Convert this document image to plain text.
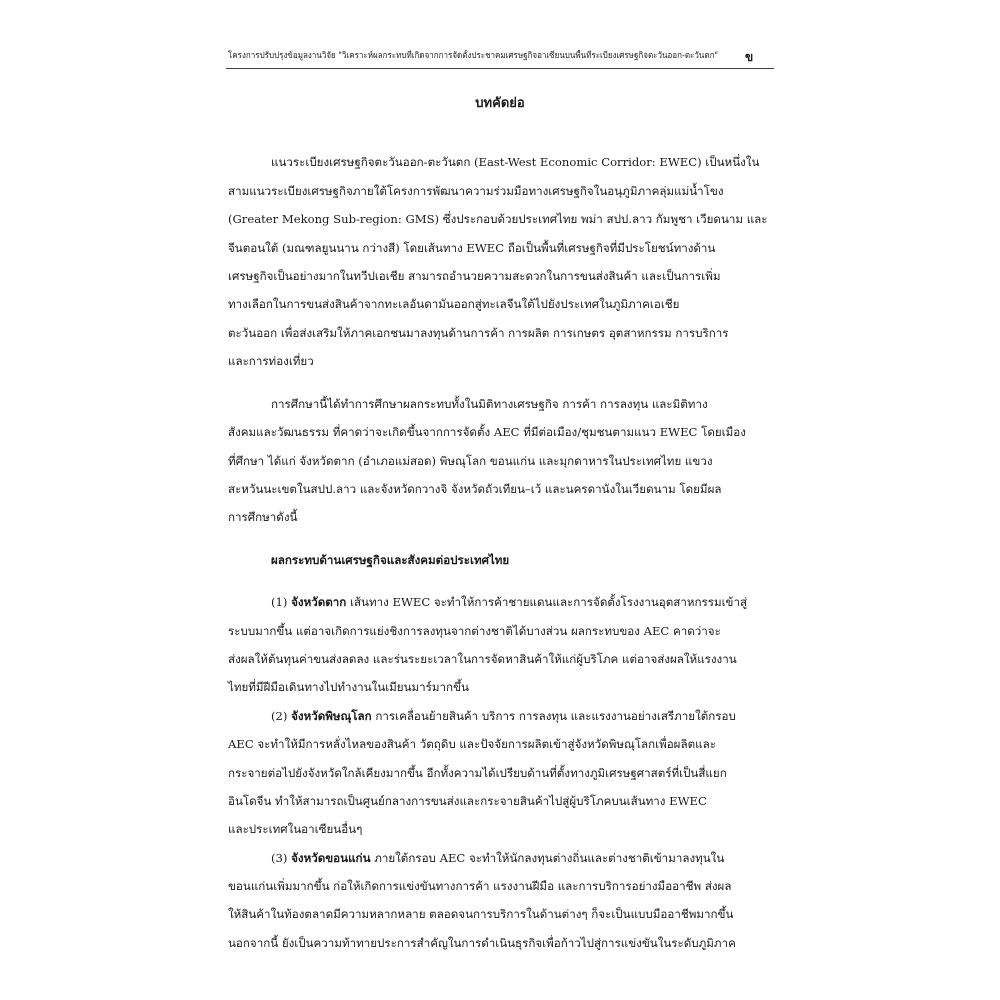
โครงการปรับปรุงข้อมูลงานวิจัย "วิเคราะห์ผลกระทบที่เกิดจากการจัดตั้งประชาคมเศรษฐกิจอาเซียนบนพื้นที่ระเบียงเศรษฐกิจตะวันออก-ตะวันตก"	ข
บทคัดย่อ
แนวระเบียงเศรษฐกิจตะวันออก-ตะวันตก (East-West Economic Corridor: EWEC) เป็นหนึ่งใน
สามแนวระเบียงเศรษฐกิจภายใต้โครงการพัฒนาความร่วมมือทางเศรษฐกิจในอนุภูมิภาคลุ่มแม่น้ำโขง
(Greater Mekong Sub-region: GMS) ซึ่งประกอบด้วยประเทศไทย พม่า สปป.ลาว กัมพูชา เวียดนาม และ
จีนตอนใต้ (มณฑลยูนนาน กว่างสี) โดยเส้นทาง EWEC ถือเป็นพื้นที่เศรษฐกิจที่มีประโยชน์ทางด้าน
เศรษฐกิจเป็นอย่างมากในทวีปเอเชีย สามารถอำนวยความสะดวกในการขนส่งสินค้า และเป็นการเพิ่ม
ทางเลือกในการขนส่งสินค้าจากทะเลอันดามันออกสู่ทะเลจีนใต้ไปยังประเทศในภูมิภาคเอเชีย
ตะวันออก เพื่อส่งเสริมให้ภาคเอกชนมาลงทุนด้านการค้า การผลิต การเกษตร อุตสาหกรรม การบริการ
และการท่องเที่ยว
การศึกษานี้ได้ทำการศึกษาผลกระทบทั้งในมิติทางเศรษฐกิจ การค้า การลงทุน และมิติทาง
สังคมและวัฒนธรรม ที่คาดว่าจะเกิดขึ้นจากการจัดตั้ง AEC ที่มีต่อเมือง/ชุมชนตามแนว EWEC โดยเมือง
ที่ศึกษา ได้แก่ จังหวัดตาก (อำเภอแม่สอด) พิษณุโลก ขอนแก่น และมุกดาหารในประเทศไทย แขวง
สะหวันนะเขตในสปป.ลาว และจังหวัดกวางจิ จังหวัดถัวเทียน–เว้ และนครดานังในเวียดนาม โดยมีผล
การศึกษาดังนี้
ผลกระทบด้านเศรษฐกิจและสังคมต่อประเทศไทย
(1) จังหวัดตาก เส้นทาง EWEC จะทำให้การค้าชายแดนและการจัดตั้งโรงงานอุตสาหกรรมเข้าสู่
ระบบมากขึ้น แต่อาจเกิดการแย่งชิงการลงทุนจากต่างชาติได้บางส่วน ผลกระทบของ AEC คาดว่าจะ
ส่งผลให้ต้นทุนค่าขนส่งลดลง และร่นระยะเวลาในการจัดหาสินค้าให้แก่ผู้บริโภค แต่อาจส่งผลให้แรงงาน
ไทยที่มีฝีมือเดินทางไปทำงานในเมียนมาร์มากขึ้น
(2) จังหวัดพิษณุโลก การเคลื่อนย้ายสินค้า บริการ การลงทุน และแรงงานอย่างเสรีภายใต้กรอบ
AEC จะทำให้มีการหลั่งไหลของสินค้า วัตถุดิบ และปัจจัยการผลิตเข้าสู่จังหวัดพิษณุโลกเพื่อผลิตและ
กระจายต่อไปยังจังหวัดใกล้เคียงมากขึ้น อีกทั้งความได้เปรียบด้านที่ตั้งทางภูมิเศรษฐศาสตร์ที่เป็นสี่แยก
อินโดจีน ทำให้สามารถเป็นศูนย์กลางการขนส่งและกระจายสินค้าไปสู่ผู้บริโภคบนเส้นทาง EWEC
และประเทศในอาเซียนอื่นๆ
(3) จังหวัดขอนแก่น ภายใต้กรอบ AEC จะทำให้นักลงทุนต่างถิ่นและต่างชาติเข้ามาลงทุนใน
ขอนแก่นเพิ่มมากขึ้น ก่อให้เกิดการแข่งขันทางการค้า แรงงานฝีมือ และการบริการอย่างมืออาชีพ ส่งผล
ให้สินค้าในท้องตลาดมีความหลากหลาย ตลอดจนการบริการในด้านต่างๆ ก็จะเป็นแบบมืออาชีพมากขึ้น
นอกจากนี้ ยังเป็นความท้าทายประการสำคัญในการดำเนินธุรกิจเพื่อก้าวไปสู่การแข่งขันในระดับภูมิภาค
